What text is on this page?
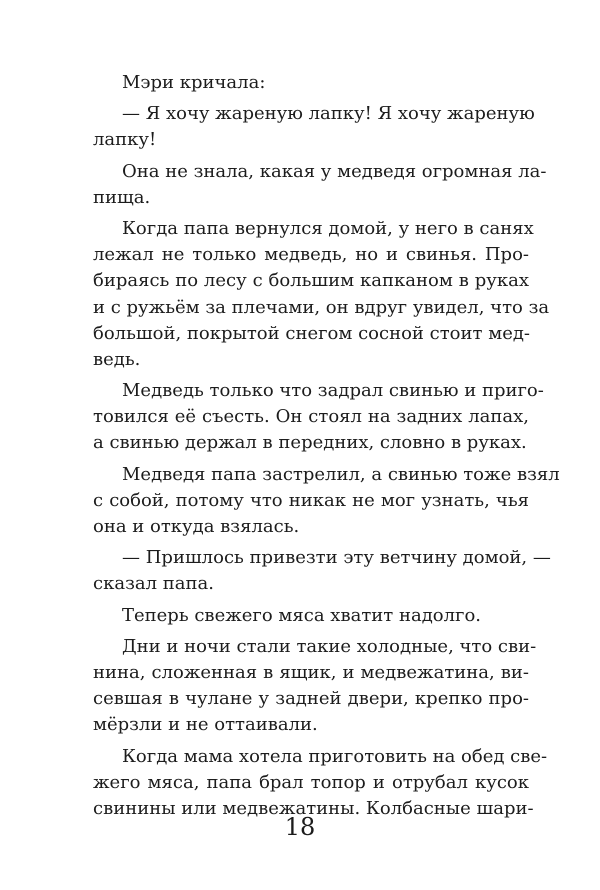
Мэри кричала:
— Я хочу жареную лапку! Я хочу жареную
лапку!
Она не знала, какая у медведя огромная ла-
пища.
Когда папа вернулся домой, у него в санях
лежал не только медведь, но и свинья. Про-
бираясь по лесу с большим капканом в руках
и с ружьём за плечами, он вдруг увидел, что за
большой, покрытой снегом сосной стоит мед-
ведь.
Медведь только что задрал свинью и приго-
товился её съесть. Он стоял на задних лапах,
а свинью держал в передних, словно в руках.
Медведя папа застрелил, а свинью тоже взял
с собой, потому что никак не мог узнать, чья
она и откуда взялась.
— Пришлось привезти эту ветчину домой, —
сказал папа.
Теперь свежего мяса хватит надолго.
Дни и ночи стали такие холодные, что сви-
нина, сложенная в ящик, и медвежатина, ви-
севшая в чулане у задней двери, крепко про-
мёрзли и не оттаивали.
Когда мама хотела приготовить на обед све-
жего мяса, папа брал топор и отрубал кусок
свинины или медвежатины. Колбасные шари-
18
